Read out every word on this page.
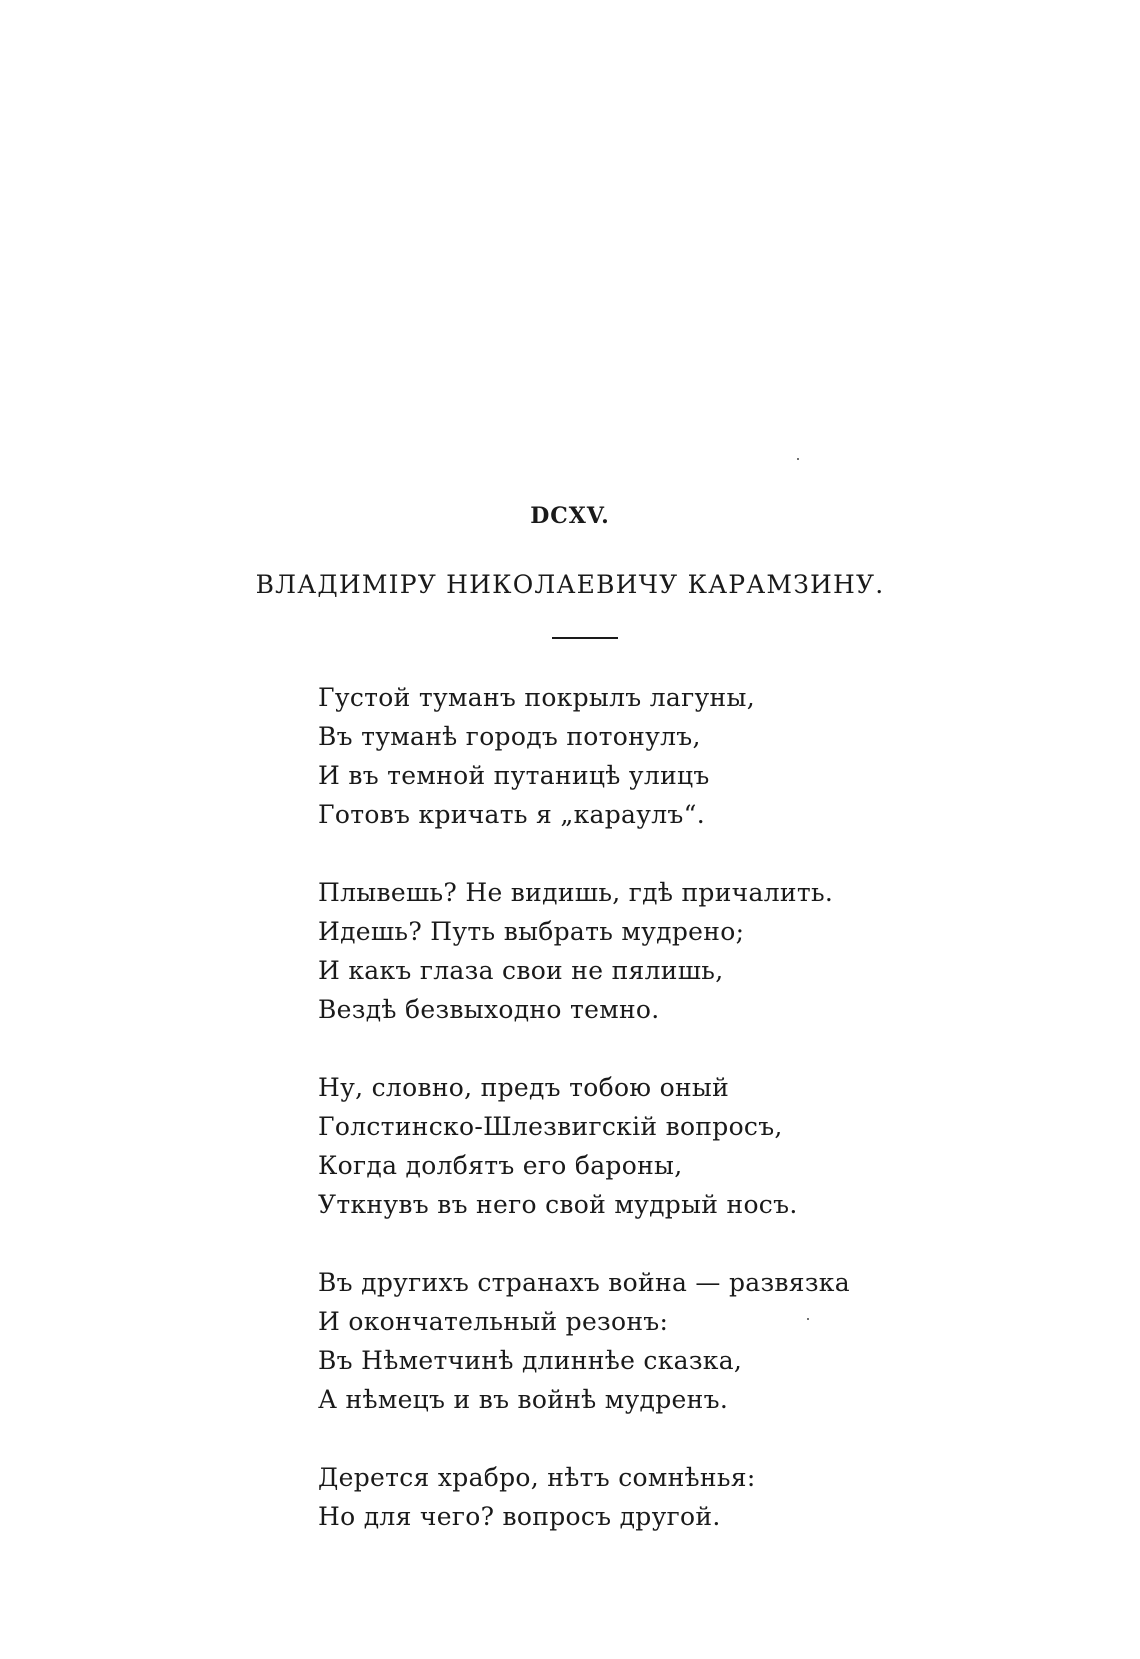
DCXV.
ВЛАДИМІРУ НИКОЛАЕВИЧУ КАРАМЗИНУ.
Густой туманъ покрылъ лагуны,
Въ туманѣ городъ потонулъ,
И въ темной путаницѣ улицъ
Готовъ кричать я „караулъ“.
Плывешь? Не видишь, гдѣ причалить.
Идешь? Путь выбрать мудрено;
И какъ глаза свои не пялишь,
Вездѣ безвыходно темно.
Ну, словно, предъ тобою оный
Голстинско-Шлезвигскій вопросъ,
Когда долбятъ его бароны,
Уткнувъ въ него свой мудрый носъ.
Въ другихъ странахъ война — развязка
И окончательный резонъ:
Въ Нѣметчинѣ длиннѣе сказка,
А нѣмецъ и въ войнѣ мудренъ.
Дерется храбро, нѣтъ сомнѣнья:
Но для чего? вопросъ другой.
